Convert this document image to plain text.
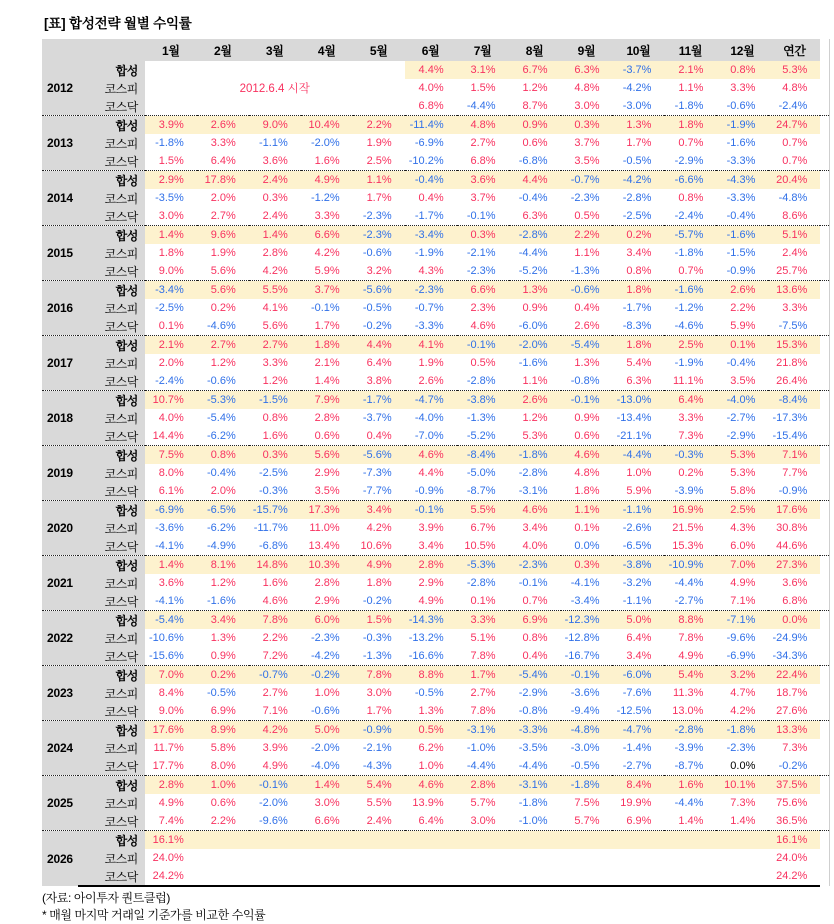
[표] 합성전략 월별 수익률
		1월	2월	3월	4월	5월	6월	7월	8월	9월	10월	11월	12월	연간	
2012	합성						4.4%	3.1%	6.7%	6.3%	-3.7%	2.1%	0.8%	5.3%	
	코스피	2012.6.4 시작					4.0%	1.5%	1.2%	4.8%	-4.2%	1.1%	3.3%	4.8%	
	코스닥						6.8%	-4.4%	8.7%	3.0%	-3.0%	-1.8%	-0.6%	-2.4%	
2013	합성	3.9%	2.6%	9.0%	10.4%	2.2%	-11.4%	4.8%	0.9%	0.3%	1.3%	1.8%	-1.9%	24.7%	
	코스피	-1.8%	3.3%	-1.1%	-2.0%	1.9%	-6.9%	2.7%	0.6%	3.7%	1.7%	0.7%	-1.6%	0.7%	
	코스닥	1.5%	6.4%	3.6%	1.6%	2.5%	-10.2%	6.8%	-6.8%	3.5%	-0.5%	-2.9%	-3.3%	0.7%	
2014	합성	2.9%	17.8%	2.4%	4.9%	1.1%	-0.4%	3.6%	4.4%	-0.7%	-4.2%	-6.6%	-4.3%	20.4%	
	코스피	-3.5%	2.0%	0.3%	-1.2%	1.7%	0.4%	3.7%	-0.4%	-2.3%	-2.8%	0.8%	-3.3%	-4.8%	
	코스닥	3.0%	2.7%	2.4%	3.3%	-2.3%	-1.7%	-0.1%	6.3%	0.5%	-2.5%	-2.4%	-0.4%	8.6%	
2015	합성	1.4%	9.6%	1.4%	6.6%	-2.3%	-3.4%	0.3%	-2.8%	2.2%	0.2%	-5.7%	-1.6%	5.1%	
	코스피	1.8%	1.9%	2.8%	4.2%	-0.6%	-1.9%	-2.1%	-4.4%	1.1%	3.4%	-1.8%	-1.5%	2.4%	
	코스닥	9.0%	5.6%	4.2%	5.9%	3.2%	4.3%	-2.3%	-5.2%	-1.3%	0.8%	0.7%	-0.9%	25.7%	
2016	합성	-3.4%	5.6%	5.5%	3.7%	-5.6%	-2.3%	6.6%	1.3%	-0.6%	1.8%	-1.6%	2.6%	13.6%	
	코스피	-2.5%	0.2%	4.1%	-0.1%	-0.5%	-0.7%	2.3%	0.9%	0.4%	-1.7%	-1.2%	2.2%	3.3%	
	코스닥	0.1%	-4.6%	5.6%	1.7%	-0.2%	-3.3%	4.6%	-6.0%	2.6%	-8.3%	-4.6%	5.9%	-7.5%	
2017	합성	2.1%	2.7%	2.7%	1.8%	4.4%	4.1%	-0.1%	-2.0%	-5.4%	1.8%	2.5%	0.1%	15.3%	
	코스피	2.0%	1.2%	3.3%	2.1%	6.4%	1.9%	0.5%	-1.6%	1.3%	5.4%	-1.9%	-0.4%	21.8%	
	코스닥	-2.4%	-0.6%	1.2%	1.4%	3.8%	2.6%	-2.8%	1.1%	-0.8%	6.3%	11.1%	3.5%	26.4%	
2018	합성	10.7%	-5.3%	-1.5%	7.9%	-1.7%	-4.7%	-3.8%	2.6%	-0.1%	-13.0%	6.4%	-4.0%	-8.4%	
	코스피	4.0%	-5.4%	0.8%	2.8%	-3.7%	-4.0%	-1.3%	1.2%	0.9%	-13.4%	3.3%	-2.7%	-17.3%	
	코스닥	14.4%	-6.2%	1.6%	0.6%	0.4%	-7.0%	-5.2%	5.3%	0.6%	-21.1%	7.3%	-2.9%	-15.4%	
2019	합성	7.5%	0.8%	0.3%	5.6%	-5.6%	4.6%	-8.4%	-1.8%	4.6%	-4.4%	-0.3%	5.3%	7.1%	
	코스피	8.0%	-0.4%	-2.5%	2.9%	-7.3%	4.4%	-5.0%	-2.8%	4.8%	1.0%	0.2%	5.3%	7.7%	
	코스닥	6.1%	2.0%	-0.3%	3.5%	-7.7%	-0.9%	-8.7%	-3.1%	1.8%	5.9%	-3.9%	5.8%	-0.9%	
2020	합성	-6.9%	-6.5%	-15.7%	17.3%	3.4%	-0.1%	5.5%	4.6%	1.1%	-1.1%	16.9%	2.5%	17.6%	
	코스피	-3.6%	-6.2%	-11.7%	11.0%	4.2%	3.9%	6.7%	3.4%	0.1%	-2.6%	21.5%	4.3%	30.8%	
	코스닥	-4.1%	-4.9%	-6.8%	13.4%	10.6%	3.4%	10.5%	4.0%	0.0%	-6.5%	15.3%	6.0%	44.6%	
2021	합성	1.4%	8.1%	14.8%	10.3%	4.9%	2.8%	-5.3%	-2.3%	0.3%	-3.8%	-10.9%	7.0%	27.3%	
	코스피	3.6%	1.2%	1.6%	2.8%	1.8%	2.9%	-2.8%	-0.1%	-4.1%	-3.2%	-4.4%	4.9%	3.6%	
	코스닥	-4.1%	-1.6%	4.6%	2.9%	-0.2%	4.9%	0.1%	0.7%	-3.4%	-1.1%	-2.7%	7.1%	6.8%	
2022	합성	-5.4%	3.4%	7.8%	6.0%	1.5%	-14.3%	3.3%	6.9%	-12.3%	5.0%	8.8%	-7.1%	0.0%	
	코스피	-10.6%	1.3%	2.2%	-2.3%	-0.3%	-13.2%	5.1%	0.8%	-12.8%	6.4%	7.8%	-9.6%	-24.9%	
	코스닥	-15.6%	0.9%	7.2%	-4.2%	-1.3%	-16.6%	7.8%	0.4%	-16.7%	3.4%	4.9%	-6.9%	-34.3%	
2023	합성	7.0%	0.2%	-0.7%	-0.2%	7.8%	8.8%	1.7%	-5.4%	-0.1%	-6.0%	5.4%	3.2%	22.4%	
	코스피	8.4%	-0.5%	2.7%	1.0%	3.0%	-0.5%	2.7%	-2.9%	-3.6%	-7.6%	11.3%	4.7%	18.7%	
	코스닥	9.0%	6.9%	7.1%	-0.6%	1.7%	1.3%	7.8%	-0.8%	-9.4%	-12.5%	13.0%	4.2%	27.6%	
2024	합성	17.6%	8.9%	4.2%	5.0%	-0.9%	0.5%	-3.1%	-3.3%	-4.8%	-4.7%	-2.8%	-1.8%	13.3%	
	코스피	11.7%	5.8%	3.9%	-2.0%	-2.1%	6.2%	-1.0%	-3.5%	-3.0%	-1.4%	-3.9%	-2.3%	7.3%	
	코스닥	17.7%	8.0%	4.9%	-4.0%	-4.3%	1.0%	-4.4%	-4.4%	-0.5%	-2.7%	-8.7%	0.0%	-0.2%	
2025	합성	2.8%	1.0%	-0.1%	1.4%	5.4%	4.6%	2.8%	-3.1%	-1.8%	8.4%	1.6%	10.1%	37.5%	
	코스피	4.9%	0.6%	-2.0%	3.0%	5.5%	13.9%	5.7%	-1.8%	7.5%	19.9%	-4.4%	7.3%	75.6%	
	코스닥	7.4%	2.2%	-9.6%	6.6%	2.4%	6.4%	3.0%	-1.0%	5.7%	6.9%	1.4%	1.4%	36.5%	
2026	합성	16.1%												16.1%	
	코스피	24.0%												24.0%	
	코스닥	24.2%												24.2%	

(자료: 아이투자 퀀트클럽)

* 매월 마지막 거래일 기준가를 비교한 수익률
